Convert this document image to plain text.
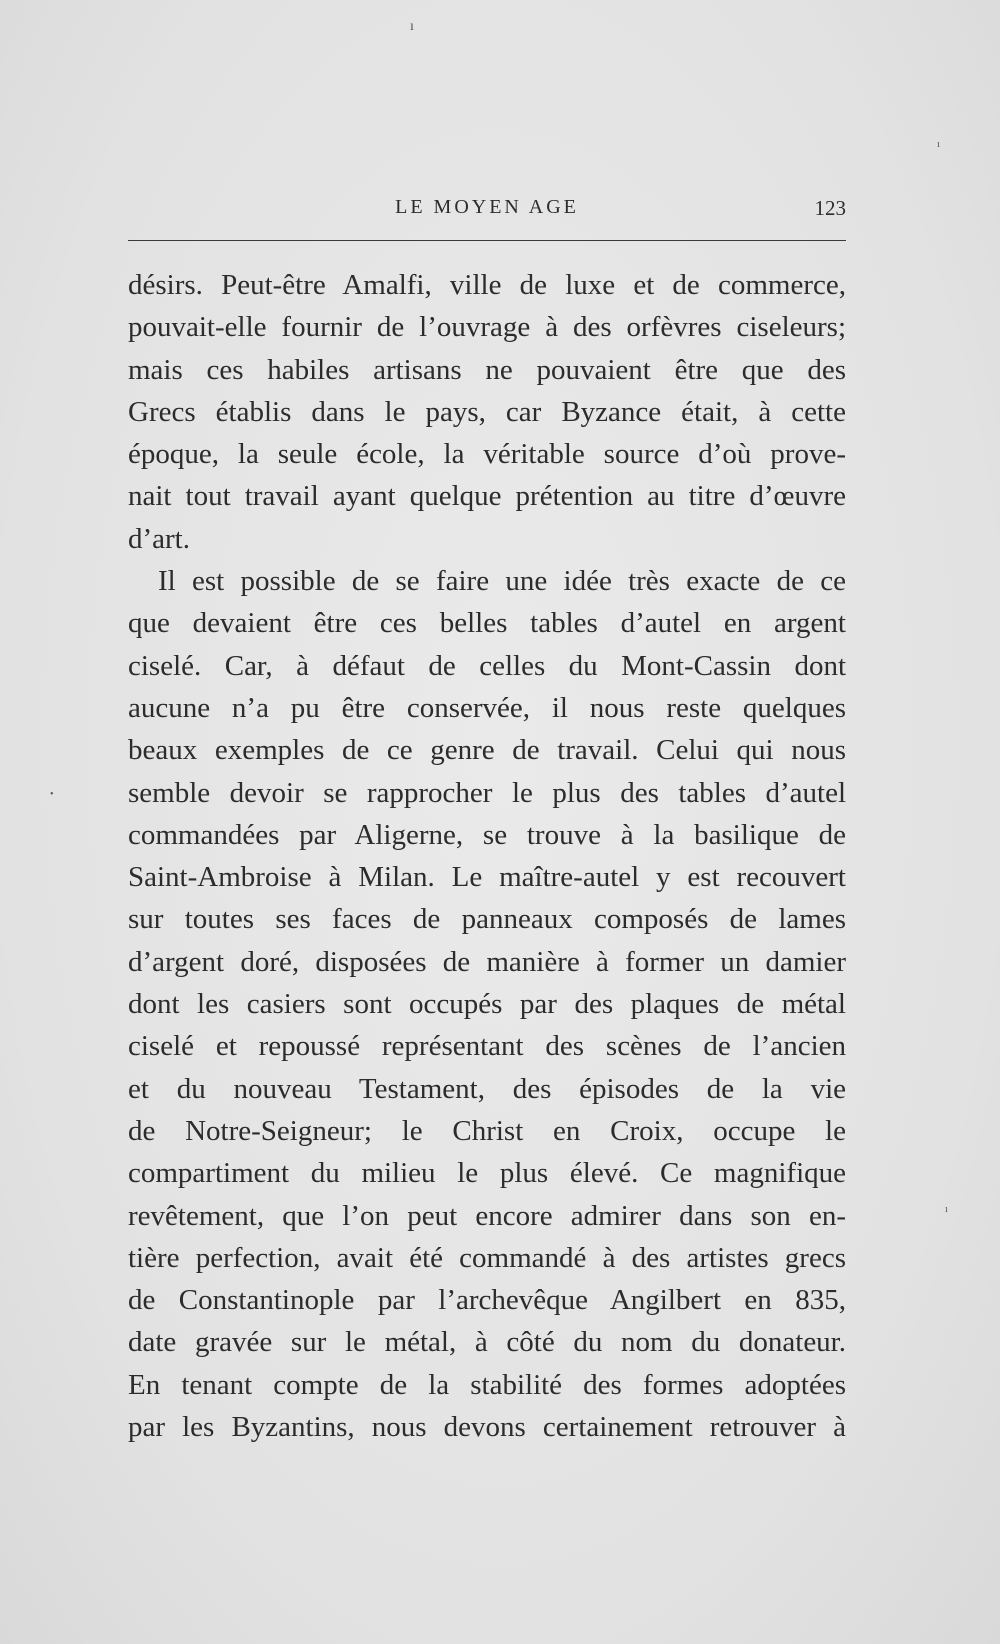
ı
ı
•
ı
LE MOYEN AGE	123
désirs. Peut-être Amalfi, ville de luxe et de commerce,
pouvait-elle fournir de l’ouvrage à des orfèvres ciseleurs;
mais ces habiles artisans ne pouvaient être que des
Grecs établis dans le pays, car Byzance était, à cette
époque, la seule école, la véritable source d’où prove-
nait tout travail ayant quelque prétention au titre d’œuvre
d’art.
Il est possible de se faire une idée très exacte de ce
que devaient être ces belles tables d’autel en argent
ciselé. Car, à défaut de celles du Mont-Cassin dont
aucune n’a pu être conservée, il nous reste quelques
beaux exemples de ce genre de travail. Celui qui nous
semble devoir se rapprocher le plus des tables d’autel
commandées par Aligerne, se trouve à la basilique de
Saint-Ambroise à Milan. Le maître-autel y est recouvert
sur toutes ses faces de panneaux composés de lames
d’argent doré, disposées de manière à former un damier
dont les casiers sont occupés par des plaques de métal
ciselé et repoussé représentant des scènes de l’ancien
et du nouveau Testament, des épisodes de la vie
de Notre-Seigneur; le Christ en Croix, occupe le
compartiment du milieu le plus élevé. Ce magnifique
revêtement, que l’on peut encore admirer dans son en-
tière perfection, avait été commandé à des artistes grecs
de Constantinople par l’archevêque Angilbert en 835,
date gravée sur le métal, à côté du nom du donateur.
En tenant compte de la stabilité des formes adoptées
par les Byzantins, nous devons certainement retrouver à
